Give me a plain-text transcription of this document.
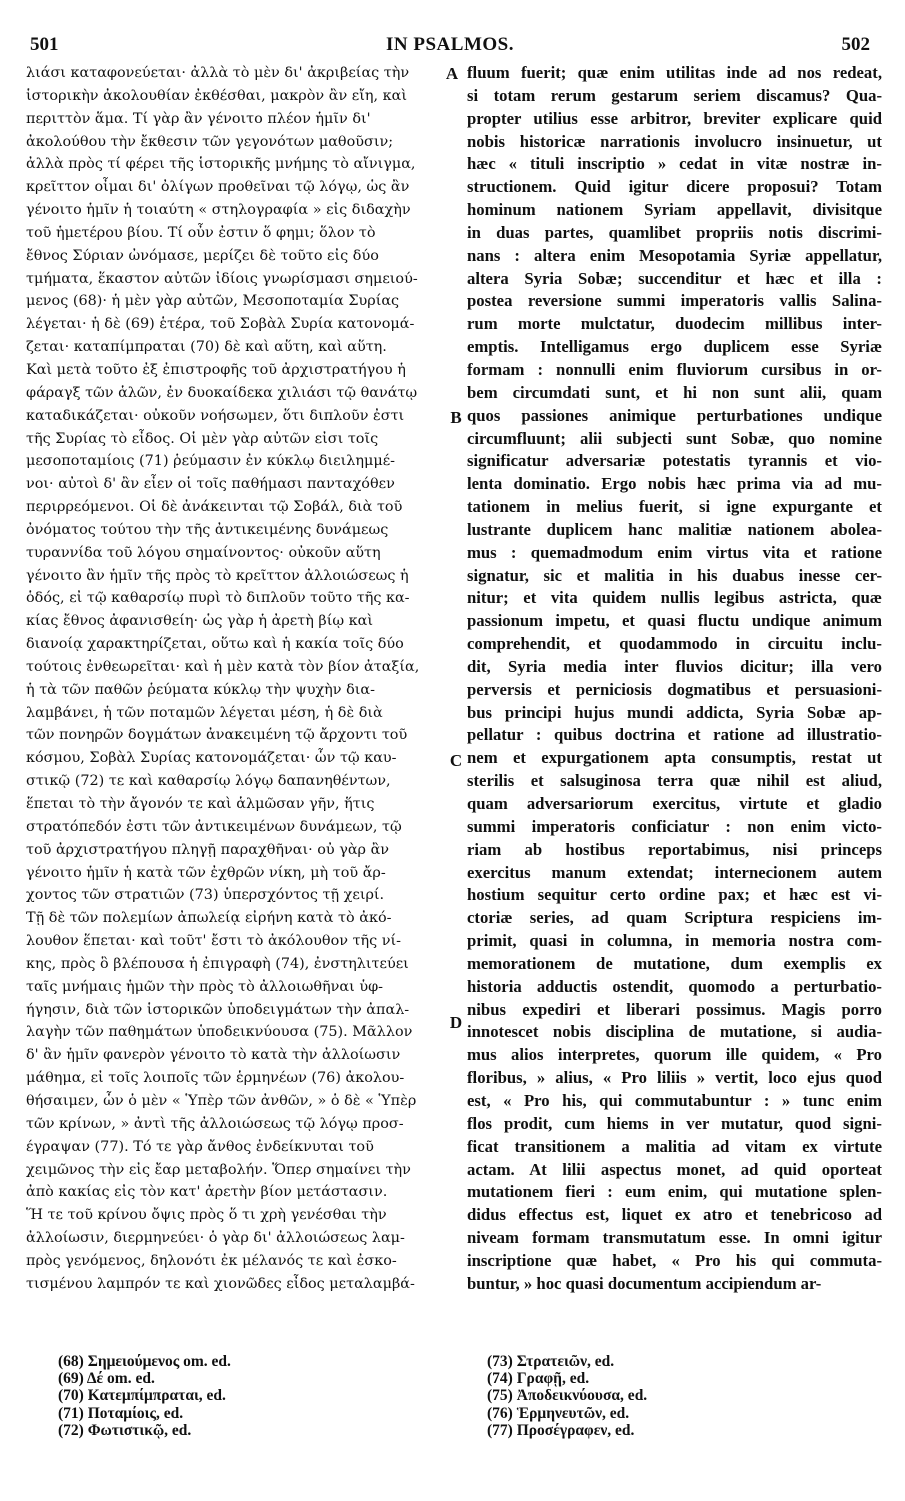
501	IN PSALMOS.	502
λιάσι καταφονεύεται· ἀλλὰ τὸ μὲν δι' ἀκριβείας τὴν
ἱστορικὴν ἀκολουθίαν ἐκθέσθαι, μακρὸν ἂν εἴη, καὶ
περιττὸν ἅμα. Τί γὰρ ἂν γένοιτο πλέον ἡμῖν δι'
ἀκολούθου τὴν ἔκθεσιν τῶν γεγονότων μαθοῦσιν;
ἀλλὰ πρὸς τί φέρει τῆς ἱστορικῆς μνήμης τὸ αἴνιγμα,
κρεῖττον οἶμαι δι' ὀλίγων προθεῖναι τῷ λόγῳ, ὡς ἂν
γένοιτο ἡμῖν ἡ τοιαύτη « στηλογραφία » εἰς διδαχὴν
τοῦ ἡμετέρου βίου. Τί οὖν ἐστιν ὅ φημι; ὅλον τὸ
ἔθνος Σύριαν ὠνόμασε, μερίζει δὲ τοῦτο εἰς δύο
τμήματα, ἕκαστον αὐτῶν ἰδίοις γνωρίσμασι σημειού-
μενος (68)· ἡ μὲν γὰρ αὐτῶν, Μεσοποταμία Συρίας
λέγεται· ἡ δὲ (69) ἑτέρα, τοῦ Σοβὰλ Συρία κατονομά-
ζεται· καταπίμπραται (70) δὲ καὶ αὕτη, καὶ αὕτη.
Καὶ μετὰ τοῦτο ἐξ ἐπιστροφῆς τοῦ ἀρχιστρατήγου ἡ
φάραγξ τῶν ἁλῶν, ἐν δυοκαίδεκα χιλιάσι τῷ θανάτῳ
καταδικάζεται· οὐκοῦν νοήσωμεν, ὅτι διπλοῦν ἐστι
τῆς Συρίας τὸ εἶδος. Οἱ μὲν γὰρ αὐτῶν εἰσι τοῖς
μεσοποταμίοις (71) ῥεύμασιν ἐν κύκλῳ διειλημμέ-
νοι· αὐτοὶ δ' ἂν εἶεν οἱ τοῖς παθήμασι πανταχόθεν
περιρρεόμενοι. Οἱ δὲ ἀνάκεινται τῷ Σοβάλ, διὰ τοῦ
ὀνόματος τούτου τὴν τῆς ἀντικειμένης δυνάμεως
τυραννίδα τοῦ λόγου σημαίνοντος· οὐκοῦν αὕτη
γένοιτο ἂν ἡμῖν τῆς πρὸς τὸ κρεῖττον ἀλλοιώσεως ἡ
ὁδός, εἰ τῷ καθαρσίῳ πυρὶ τὸ διπλοῦν τοῦτο τῆς κα-
κίας ἔθνος ἀφανισθείη· ὡς γὰρ ἡ ἀρετὴ βίῳ καὶ
διανοίᾳ χαρακτηρίζεται, οὕτω καὶ ἡ κακία τοῖς δύο
τούτοις ἐνθεωρεῖται· καὶ ἡ μὲν κατὰ τὸν βίον ἀταξία,
ἡ τὰ τῶν παθῶν ῥεύματα κύκλῳ τὴν ψυχὴν δια-
λαμβάνει, ἡ τῶν ποταμῶν λέγεται μέση, ἡ δὲ διὰ
τῶν πονηρῶν δογμάτων ἀνακειμένη τῷ ἄρχοντι τοῦ
κόσμου, Σοβὰλ Συρίας κατονομάζεται· ὧν τῷ καυ-
στικῷ (72) τε καὶ καθαρσίῳ λόγῳ δαπανηθέντων,
ἕπεται τὸ τὴν ἄγονόν τε καὶ ἁλμῶσαν γῆν, ἥτις
στρατόπεδόν ἐστι τῶν ἀντικειμένων δυνάμεων, τῷ
τοῦ ἀρχιστρατήγου πληγῇ παραχθῆναι· οὐ γὰρ ἂν
γένοιτο ἡμῖν ἡ κατὰ τῶν ἐχθρῶν νίκη, μὴ τοῦ ἄρ-
χοντος τῶν στρατιῶν (73) ὑπερσχόντος τῇ χειρί.
Τῇ δὲ τῶν πολεμίων ἀπωλείᾳ εἰρήνη κατὰ τὸ ἀκό-
λουθον ἕπεται· καὶ τοῦτ' ἔστι τὸ ἀκόλουθον τῆς νί-
κης, πρὸς ὃ βλέπουσα ἡ ἐπιγραφὴ (74), ἐνστηλιτεύει
ταῖς μνήμαις ἡμῶν τὴν πρὸς τὸ ἀλλοιωθῆναι ὑφ-
ήγησιν, διὰ τῶν ἱστορικῶν ὑποδειγμάτων τὴν ἀπαλ-
λαγὴν τῶν παθημάτων ὑποδεικνύουσα (75). Μᾶλλον
δ' ἂν ἡμῖν φανερὸν γένοιτο τὸ κατὰ τὴν ἀλλοίωσιν
μάθημα, εἰ τοῖς λοιποῖς τῶν ἑρμηνέων (76) ἀκολου-
θήσαιμεν, ὧν ὁ μὲν « Ὑπὲρ τῶν ἀνθῶν, » ὁ δὲ « Ὑπὲρ
τῶν κρίνων, » ἀντὶ τῆς ἀλλοιώσεως τῷ λόγῳ προσ-
έγραψαν (77). Τό τε γὰρ ἄνθος ἐνδείκνυται τοῦ
χειμῶνος τὴν εἰς ἔαρ μεταβολήν. Ὅπερ σημαίνει τὴν
ἀπὸ κακίας εἰς τὸν κατ' ἀρετὴν βίον μετάστασιν.
Ἥ τε τοῦ κρίνου ὄψις πρὸς ὅ τι χρὴ γενέσθαι τὴν
ἀλλοίωσιν, διερμηνεύει· ὁ γὰρ δι' ἀλλοιώσεως λαμ-
πρὸς γενόμενος, δηλονότι ἐκ μέλανός τε καὶ ἐσκο-
τισμένου λαμπρόν τε καὶ χιονῶδες εἶδος μεταλαμβά-
fluum fuerit; quæ enim utilitas inde ad nos redeat,
si totam rerum gestarum seriem discamus? Qua-
propter utilius esse arbitror, breviter explicare quid
nobis historicæ narrationis involucro insinuetur, ut
hæc « tituli inscriptio » cedat in vitæ nostræ in-
structionem. Quid igitur dicere proposui? Totam
hominum nationem Syriam appellavit, divisitque
in duas partes, quamlibet propriis notis discrimi-
nans : altera enim Mesopotamia Syriæ appellatur,
altera Syria Sobæ; succenditur et hæc et illa :
postea reversione summi imperatoris vallis Salina-
rum morte mulctatur, duodecim millibus inter-
emptis. Intelligamus ergo duplicem esse Syriæ
formam : nonnulli enim fluviorum cursibus in or-
bem circumdati sunt, et hi non sunt alii, quam
quos passiones animique perturbationes undique
circumfluunt; alii subjecti sunt Sobæ, quo nomine
significatur adversariæ potestatis tyrannis et vio-
lenta dominatio. Ergo nobis hæc prima via ad mu-
tationem in melius fuerit, si igne expurgante et
lustrante duplicem hanc malitiæ nationem abolea-
mus : quemadmodum enim virtus vita et ratione
signatur, sic et malitia in his duabus inesse cer-
nitur; et vita quidem nullis legibus astricta, quæ
passionum impetu, et quasi fluctu undique animum
comprehendit, et quodammodo in circuitu inclu-
dit, Syria media inter fluvios dicitur; illa vero
perversis et perniciosis dogmatibus et persuasioni-
bus principi hujus mundi addicta, Syria Sobæ ap-
pellatur : quibus doctrina et ratione ad illustratio-
nem et expurgationem apta consumptis, restat ut
sterilis et salsuginosa terra quæ nihil est aliud,
quam adversariorum exercitus, virtute et gladio
summi imperatoris conficiatur : non enim victo-
riam ab hostibus reportabimus, nisi princeps
exercitus manum extendat; internecionem autem
hostium sequitur certo ordine pax; et hæc est vi-
ctoriæ series, ad quam Scriptura respiciens im-
primit, quasi in columna, in memoria nostra com-
memorationem de mutatione, dum exemplis ex
historia adductis ostendit, quomodo a perturbatio-
nibus expediri et liberari possimus. Magis porro
innotescet nobis disciplina de mutatione, si audia-
mus alios interpretes, quorum ille quidem, « Pro
floribus, » alius, « Pro liliis » vertit, loco ejus quod
est, « Pro his, qui commutabuntur : » tunc enim
flos prodit, cum hiems in ver mutatur, quod signi-
ficat transitionem a malitia ad vitam ex virtute
actam. At lilii aspectus monet, ad quid oporteat
mutationem fieri : eum enim, qui mutatione splen-
didus effectus est, liquet ex atro et tenebricoso ad
niveam formam transmutatum esse. In omni igitur
inscriptione quæ habet, « Pro his qui commuta-
buntur, » hoc quasi documentum accipiendum ar-
A
B
C
D
(68) Σημειούμενος om. ed.
(69) Δέ om. ed.
(70) Κατεμπίμπραται, ed.
(71) Ποταμίοις, ed.
(72) Φωτιστικῷ, ed.
(73) Στρατειῶν, ed.
(74) Γραφῇ, ed.
(75) Ἀποδεικνύουσα, ed.
(76) Ἑρμηνευτῶν, ed.
(77) Προσέγραφεν, ed.
